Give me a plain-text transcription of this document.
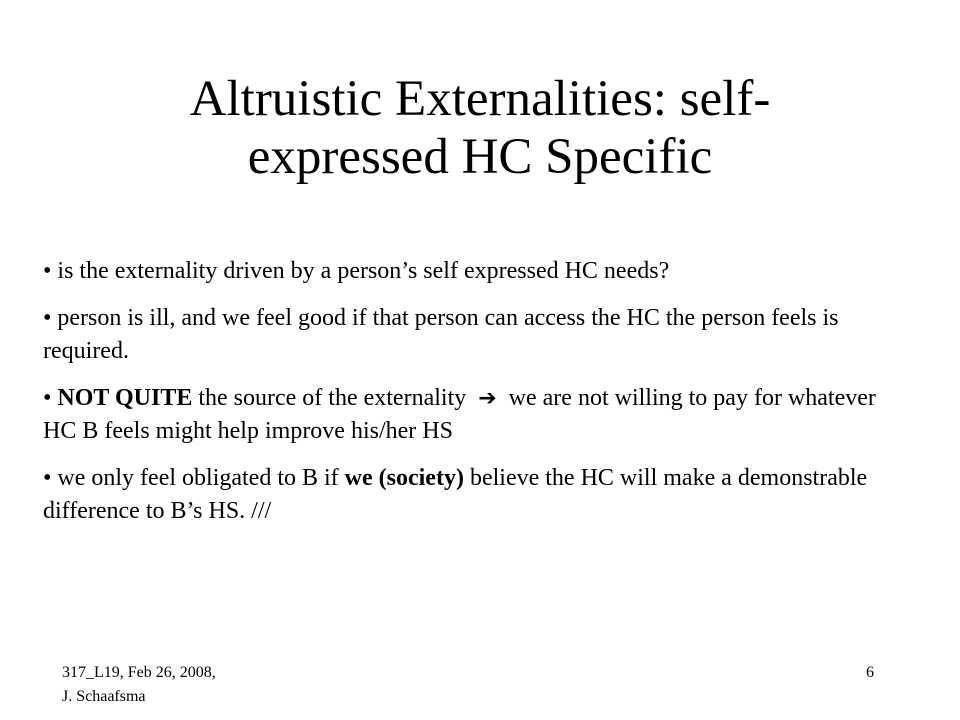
Altruistic Externalities: self-
expressed HC Specific
• is the externality driven by a person’s self expressed HC needs?
• person is ill, and we feel good if that person can access the HC the person feels is required.
• NOT QUITE the source of the externality ➔ we are not willing to pay for whatever HC B feels might help improve his/her HS
• we only feel obligated to B if we (society) believe the HC will make a demonstrable difference to B’s HS. ///
317_L19, Feb 26, 2008,
J. Schaafsma
6
